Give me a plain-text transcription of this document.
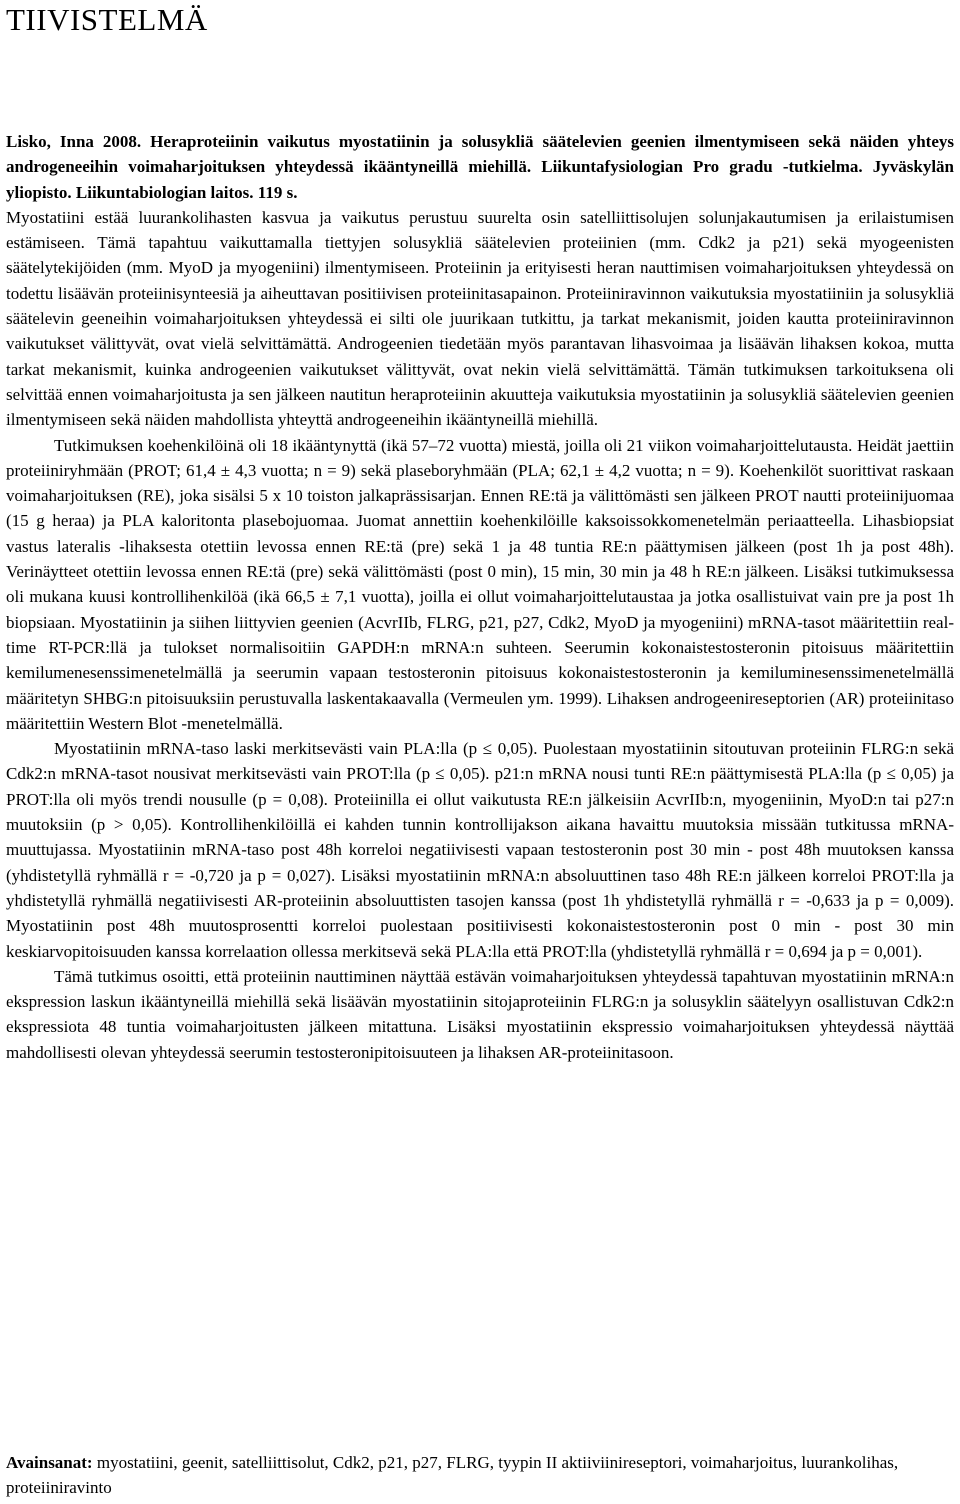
TIIVISTELMÄ

Lisko, Inna 2008. Heraproteiinin vaikutus myostatiinin ja solusykliä säätelevien geenien ilmentymiseen sekä näiden yhteys androgeneeihin voimaharjoituksen yhteydessä ikääntyneillä miehillä. Liikuntafysiologian Pro gradu -tutkielma. Jyväskylän yliopisto. Liikuntabiologian laitos. 119 s.

Myostatiini estää luurankolihasten kasvua ja vaikutus perustuu suurelta osin satelliittisolujen solunjakautumisen ja erilaistumisen estämiseen. Tämä tapahtuu vaikuttamalla tiettyjen solusykliä säätelevien proteiinien (mm. Cdk2 ja p21) sekä myogeenisten säätelytekijöiden (mm. MyoD ja myogeniini) ilmentymiseen. Proteiinin ja erityisesti heran nauttimisen voimaharjoituksen yhteydessä on todettu lisäävän proteiinisynteesiä ja aiheuttavan positiivisen proteiinitasapainon. Proteiiniravinnon vaikutuksia myostatiiniin ja solusykliä säätelevin geeneihin voimaharjoituksen yhteydessä ei silti ole juurikaan tutkittu, ja tarkat mekanismit, joiden kautta proteiiniravinnon vaikutukset välittyvät, ovat vielä selvittämättä. Androgeenien tiedetään myös parantavan lihasvoimaa ja lisäävän lihaksen kokoa, mutta tarkat mekanismit, kuinka androgeenien vaikutukset välittyvät, ovat nekin vielä selvittämättä. Tämän tutkimuksen tarkoituksena oli selvittää ennen voimaharjoitusta ja sen jälkeen nautitun heraproteiinin akuutteja vaikutuksia myostatiinin ja solusykliä säätelevien geenien ilmentymiseen sekä näiden mahdollista yhteyttä androgeeneihin ikääntyneillä miehillä.

Tutkimuksen koehenkilöinä oli 18 ikääntynyttä (ikä 57–72 vuotta) miestä, joilla oli 21 viikon voimaharjoittelutausta. Heidät jaettiin proteiiniryhmään (PROT; 61,4 ± 4,3 vuotta; n = 9) sekä plaseboryhmään (PLA; 62,1 ± 4,2 vuotta; n = 9). Koehenkilöt suorittivat raskaan voimaharjoituksen (RE), joka sisälsi 5 x 10 toiston jalkaprässisarjan. Ennen RE:tä ja välittömästi sen jälkeen PROT nautti proteiinijuomaa (15 g heraa) ja PLA kaloritonta plasebojuomaa. Juomat annettiin koehenkilöille kaksoissokkomenetelmän periaatteella. Lihasbiopsiat vastus lateralis -lihaksesta otettiin levossa ennen RE:tä (pre) sekä 1 ja 48 tuntia RE:n päättymisen jälkeen (post 1h ja post 48h). Verinäytteet otettiin levossa ennen RE:tä (pre) sekä välittömästi (post 0 min), 15 min, 30 min ja 48 h RE:n jälkeen. Lisäksi tutkimuksessa oli mukana kuusi kontrollihenkilöä (ikä 66,5 ± 7,1 vuotta), joilla ei ollut voimaharjoittelutaustaa ja jotka osallistuivat vain pre ja post 1h biopsiaan. Myostatiinin ja siihen liittyvien geenien (AcvrIIb, FLRG, p21, p27, Cdk2, MyoD ja myogeniini) mRNA-tasot määritettiin real-time RT-PCR:llä ja tulokset normalisoitiin GAPDH:n mRNA:n suhteen. Seerumin kokonaistestosteronin pitoisuus määritettiin kemilumenesenssimenetelmällä ja seerumin vapaan testosteronin pitoisuus kokonaistestosteronin ja kemiluminesenssimenetelmällä määritetyn SHBG:n pitoisuuksiin perustuvalla laskentakaavalla (Vermeulen ym. 1999). Lihaksen androgeenireseptorien (AR) proteiinitaso määritettiin Western Blot -menetelmällä.

Myostatiinin mRNA-taso laski merkitsevästi vain PLA:lla (p ≤ 0,05). Puolestaan myostatiinin sitoutuvan proteiinin FLRG:n sekä Cdk2:n mRNA-tasot nousivat merkitsevästi vain PROT:lla (p ≤ 0,05). p21:n mRNA nousi tunti RE:n päättymisestä PLA:lla (p ≤ 0,05) ja PROT:lla oli myös trendi nousulle (p = 0,08). Proteiinilla ei ollut vaikutusta RE:n jälkeisiin AcvrIIb:n, myogeniinin, MyoD:n tai p27:n muutoksiin (p > 0,05). Kontrollihenkilöillä ei kahden tunnin kontrollijakson aikana havaittu muutoksia missään tutkitussa mRNA-muuttujassa. Myostatiinin mRNA-taso post 48h korreloi negatiivisesti vapaan testosteronin post 30 min - post 48h muutoksen kanssa (yhdistetyllä ryhmällä r = -0,720 ja p = 0,027). Lisäksi myostatiinin mRNA:n absoluuttinen taso 48h RE:n jälkeen korreloi PROT:lla ja yhdistetyllä ryhmällä negatiivisesti AR-proteiinin absoluuttisten tasojen kanssa (post 1h yhdistetyllä ryhmällä r = -0,633 ja p = 0,009). Myostatiinin post 48h muutosprosentti korreloi puolestaan positiivisesti kokonaistestosteronin post 0 min - post 30 min keskiarvopitoisuuden kanssa korrelaation ollessa merkitsevä sekä PLA:lla että PROT:lla (yhdistetyllä ryhmällä r = 0,694 ja p = 0,001).

Tämä tutkimus osoitti, että proteiinin nauttiminen näyttää estävän voimaharjoituksen yhteydessä tapahtuvan myostatiinin mRNA:n ekspression laskun ikääntyneillä miehillä sekä lisäävän myostatiinin sitojaproteiinin FLRG:n ja solusyklin säätelyyn osallistuvan Cdk2:n ekspressiota 48 tuntia voimaharjoitusten jälkeen mitattuna. Lisäksi myostatiinin ekspressio voimaharjoituksen yhteydessä näyttää mahdollisesti olevan yhteydessä seerumin testosteronipitoisuuteen ja lihaksen AR-proteiinitasoon.

Avainsanat: myostatiini, geenit, satelliittisolut, Cdk2, p21, p27, FLRG, tyypin II aktiiviinireseptori, voimaharjoitus, luurankolihas, proteiiniravinto
